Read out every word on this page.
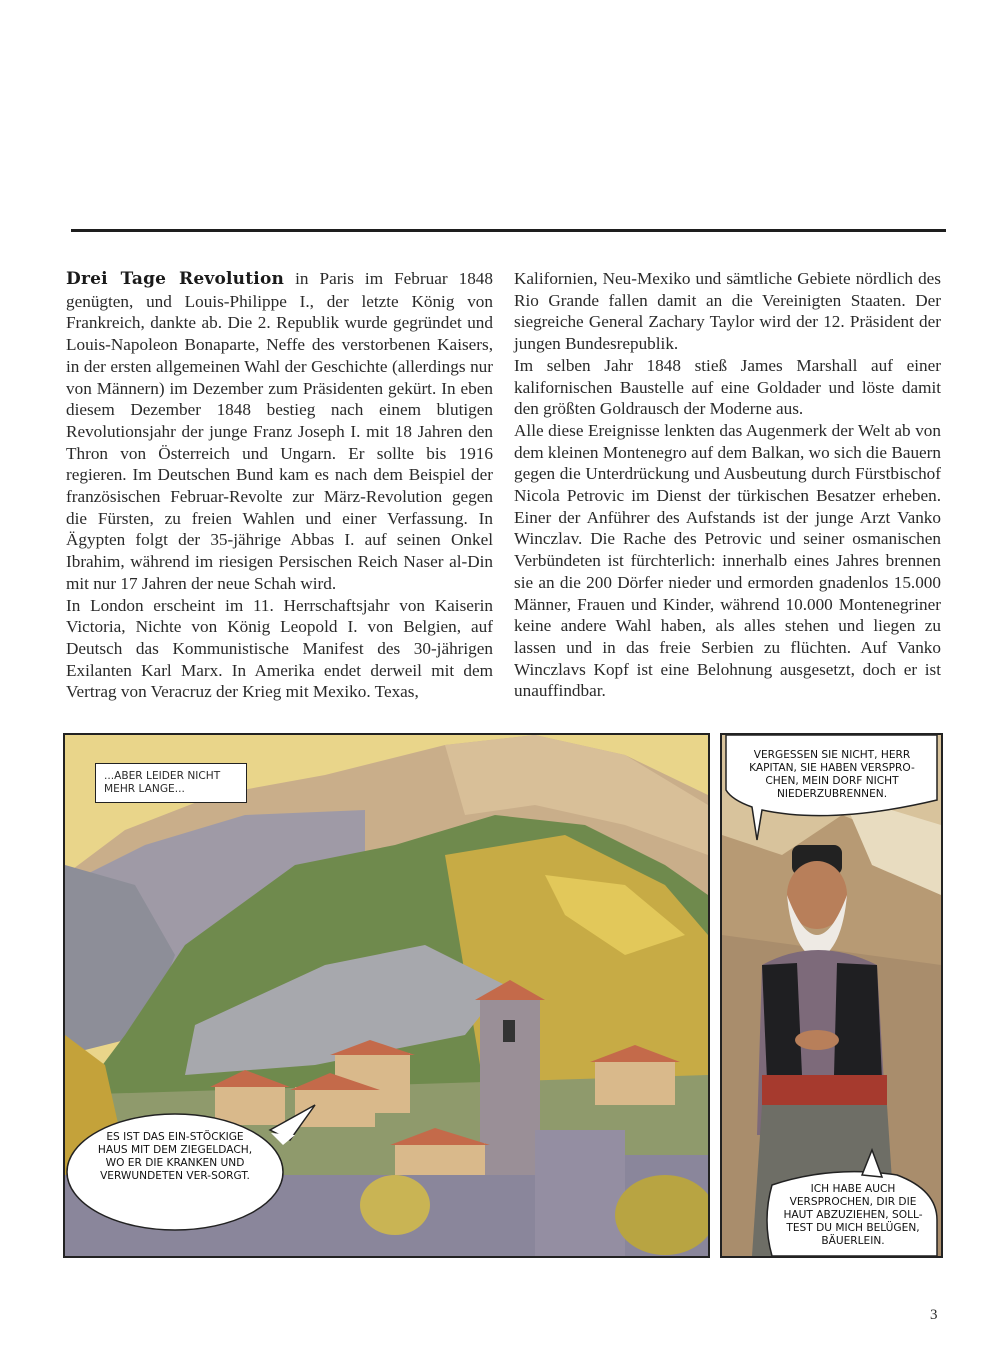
Drei Tage Revolution in Paris im Februar 1848 genügten, und Louis-Philippe I., der letzte König von Frankreich, dankte ab. Die 2. Republik wurde gegründet und Louis-Napoleon Bonaparte, Neffe des verstorbenen Kaisers, in der ersten allgemeinen Wahl der Geschichte (allerdings nur von Männern) im Dezember zum Präsidenten gekürt. In eben diesem Dezember 1848 bestieg nach einem blutigen Revolutionsjahr der junge Franz Joseph I. mit 18 Jahren den Thron von Österreich und Ungarn. Er sollte bis 1916 regieren. Im Deutschen Bund kam es nach dem Beispiel der französischen Februar-Revolte zur März-Revolution gegen die Fürsten, zu freien Wahlen und einer Verfassung. In Ägypten folgt der 35-jährige Abbas I. auf seinen Onkel Ibrahim, während im riesigen Persischen Reich Naser al-Din mit nur 17 Jahren der neue Schah wird.

In London erscheint im 11. Herrschaftsjahr von Kaiserin Victoria, Nichte von König Leopold I. von Belgien, auf Deutsch das Kommunistische Manifest des 30-jährigen Exilanten Karl Marx. In Amerika endet derweil mit dem Vertrag von Veracruz der Krieg mit Mexiko. Texas,

Kalifornien, Neu-Mexiko und sämtliche Gebiete nördlich des Rio Grande fallen damit an die Vereinigten Staaten. Der siegreiche General Zachary Taylor wird der 12. Präsident der jungen Bundesrepublik.

Im selben Jahr 1848 stieß James Marshall auf einer kalifornischen Baustelle auf eine Goldader und löste damit den größten Goldrausch der Moderne aus.

Alle diese Ereignisse lenkten das Augenmerk der Welt ab von dem kleinen Montenegro auf dem Balkan, wo sich die Bauern gegen die Unterdrückung und Ausbeutung durch Fürstbischof Nicola Petrovic im Dienst der türkischen Besatzer erheben. Einer der Anführer des Aufstands ist der junge Arzt Vanko Winczlav. Die Rache des Petrovic und seiner osmanischen Verbündeten ist fürchterlich: innerhalb eines Jahres brennen sie an die 200 Dörfer nieder und ermorden gnadenlos 15.000 Männer, Frauen und Kinder, während 10.000 Montenegriner keine andere Wahl haben, als alles stehen und liegen zu lassen und in das freie Serbien zu flüchten. Auf Vanko Winczlavs Kopf ist eine Belohnung ausgesetzt, doch er ist unauffindbar.

...ABER LEIDER NICHT MEHR LANGE...
ES IST DAS EIN-STÖCKIGE HAUS MIT DEM ZIEGELDACH, WO ER DIE KRANKEN UND VERWUNDETEN VER-SORGT.
VERGESSEN SIE NICHT, HERR KAPITAN, SIE HABEN VERSPRO-CHEN, MEIN DORF NICHT NIEDERZUBRENNEN.
ICH HABE AUCH VERSPROCHEN, DIR DIE HAUT ABZUZIEHEN, SOLL-TEST DU MICH BELÜGEN, BÄUERLEIN.
3
